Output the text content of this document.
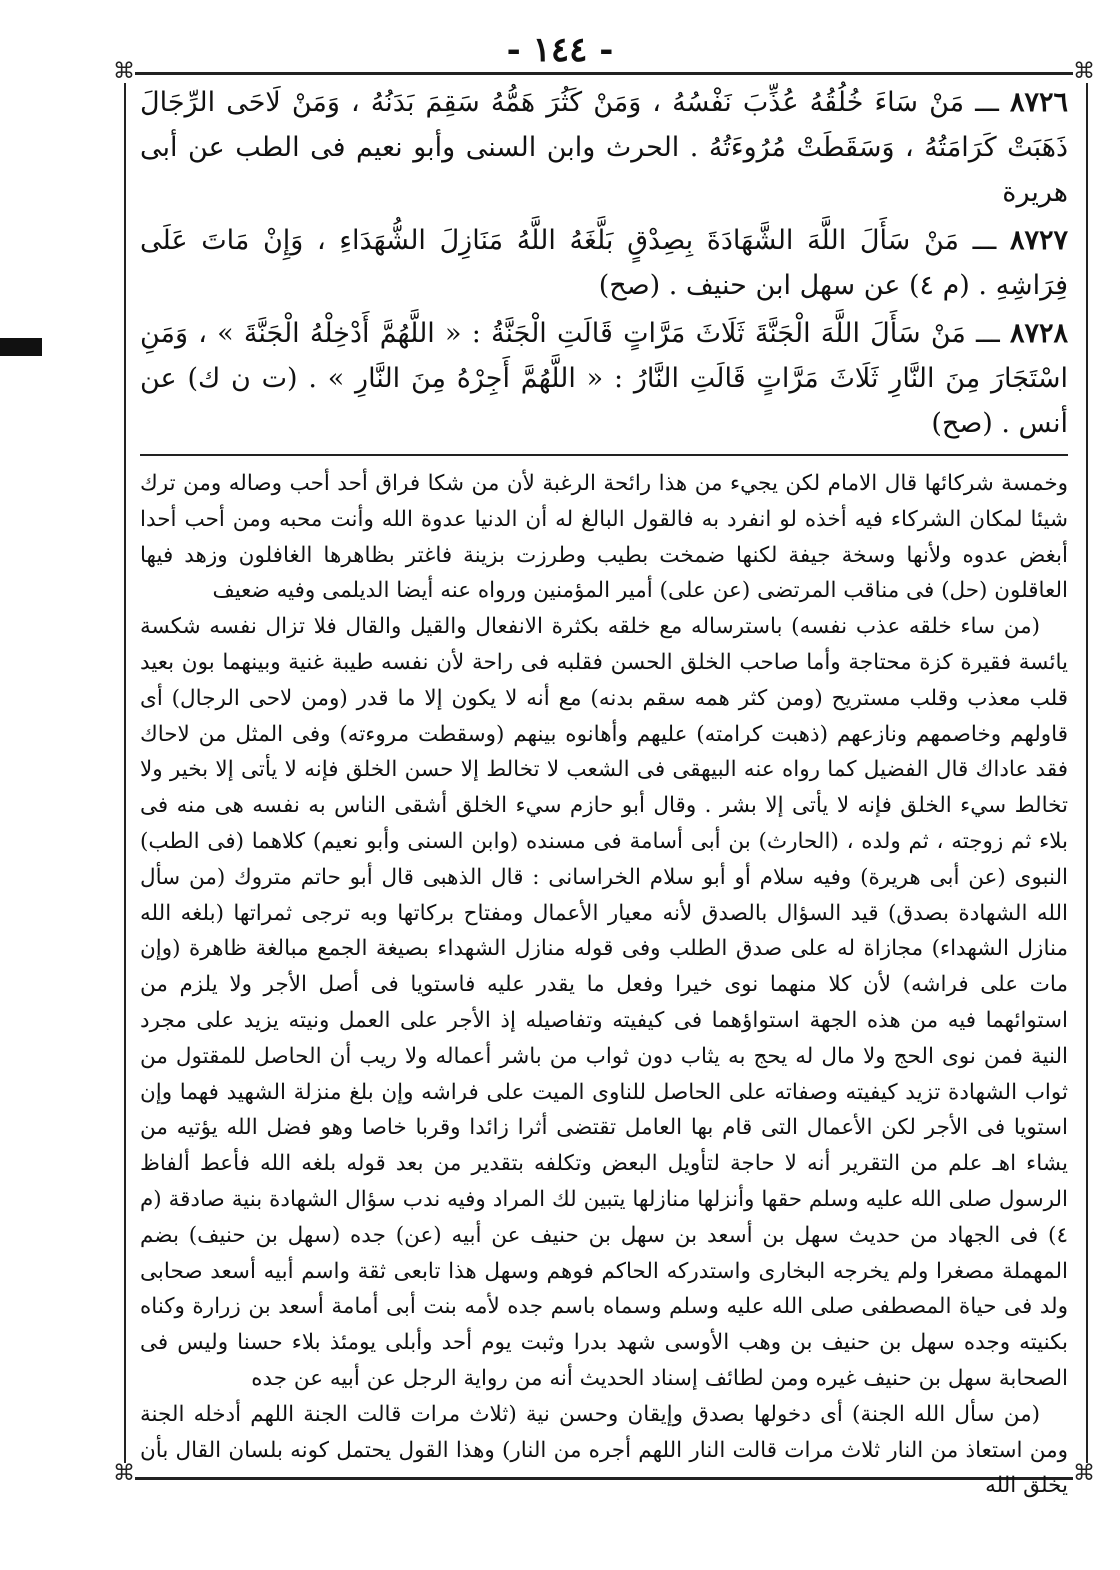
- ١٤٤ -
⌘	⌘
⌘	⌘

٨٧٢٦ ـــ مَنْ سَاءَ خُلُقُهُ عُذِّبَ نَفْسُهُ ، وَمَنْ كَثُرَ هَمُّهُ سَقِمَ بَدَنُهُ ، وَمَنْ لَاحَى الرِّجَالَ ذَهَبَتْ كَرَامَتُهُ ، وَسَقَطَتْ مُرُوءَتُهُ . الحرث وابن السنى وأبو نعيم فى الطب عن أبى هريرة

٨٧٢٧ ـــ مَنْ سَأَلَ اللَّهَ الشَّهَادَةَ بِصِدْقٍ بَلَّغَهُ اللَّهُ مَنَازِلَ الشُّهَدَاءِ ، وَإِنْ مَاتَ عَلَى فِرَاشِهِ . (م ٤) عن سهل ابن حنيف . (صح)

٨٧٢٨ ـــ مَنْ سَأَلَ اللَّهَ الْجَنَّةَ ثَلَاثَ مَرَّاتٍ قَالَتِ الْجَنَّةُ : « اللَّهُمَّ أَدْخِلْهُ الْجَنَّةَ » ، وَمَنِ اسْتَجَارَ مِنَ النَّارِ ثَلَاثَ مَرَّاتٍ قَالَتِ النَّارُ : « اللَّهُمَّ أَجِرْهُ مِنَ النَّارِ » . (ت ن ك) عن أنس . (صح)

وخمسة شركائها قال الامام لكن يجيء من هذا رائحة الرغبة لأن من شكا فراق أحد أحب وصاله ومن ترك شيئا لمكان الشركاء فيه أخذه لو انفرد به فالقول البالغ له أن الدنيا عدوة الله وأنت محبه ومن أحب أحدا أبغض عدوه ولأنها وسخة جيفة لكنها ضمخت بطيب وطرزت بزينة فاغتر بظاهرها الغافلون وزهد فيها العاقلون (حل) فى مناقب المرتضى (عن على) أمير المؤمنين ورواه عنه أيضا الديلمى وفيه ضعيف

(من ساء خلقه عذب نفسه) باسترساله مع خلقه بكثرة الانفعال والقيل والقال فلا تزال نفسه شكسة يائسة فقيرة كزة محتاجة وأما صاحب الخلق الحسن فقلبه فى راحة لأن نفسه طيبة غنية وبينهما بون بعيد قلب معذب وقلب مستريح (ومن كثر همه سقم بدنه) مع أنه لا يكون إلا ما قدر (ومن لاحى الرجال) أى قاولهم وخاصمهم ونازعهم (ذهبت كرامته) عليهم وأهانوه بينهم (وسقطت مروءته) وفى المثل من لاحاك فقد عاداك قال الفضيل كما رواه عنه البيهقى فى الشعب لا تخالط إلا حسن الخلق فإنه لا يأتى إلا بخير ولا تخالط سيء الخلق فإنه لا يأتى إلا بشر . وقال أبو حازم سيء الخلق أشقى الناس به نفسه هى منه فى بلاء ثم زوجته ، ثم ولده ، (الحارث) بن أبى أسامة فى مسنده (وابن السنى وأبو نعيم) كلاهما (فى الطب) النبوى (عن أبى هريرة) وفيه سلام أو أبو سلام الخراسانى : قال الذهبى قال أبو حاتم متروك (من سأل الله الشهادة بصدق) قيد السؤال بالصدق لأنه معيار الأعمال ومفتاح بركاتها وبه ترجى ثمراتها (بلغه الله منازل الشهداء) مجازاة له على صدق الطلب وفى قوله منازل الشهداء بصيغة الجمع مبالغة ظاهرة (وإن مات على فراشه) لأن كلا منهما نوى خيرا وفعل ما يقدر عليه فاستويا فى أصل الأجر ولا يلزم من استوائهما فيه من هذه الجهة استواؤهما فى كيفيته وتفاصيله إذ الأجر على العمل ونيته يزيد على مجرد النية فمن نوى الحج ولا مال له يحج به يثاب دون ثواب من باشر أعماله ولا ريب أن الحاصل للمقتول من ثواب الشهادة تزيد كيفيته وصفاته على الحاصل للناوى الميت على فراشه وإن بلغ منزلة الشهيد فهما وإن استويا فى الأجر لكن الأعمال التى قام بها العامل تقتضى أثرا زائدا وقربا خاصا وهو فضل الله يؤتيه من يشاء اهـ علم من التقرير أنه لا حاجة لتأويل البعض وتكلفه بتقدير من بعد قوله بلغه الله فأعط ألفاظ الرسول صلى الله عليه وسلم حقها وأنزلها منازلها يتبين لك المراد وفيه ندب سؤال الشهادة بنية صادقة (م ٤) فى الجهاد من حديث سهل بن أسعد بن سهل بن حنيف عن أبيه (عن) جده (سهل بن حنيف) بضم المهملة مصغرا ولم يخرجه البخارى واستدركه الحاكم فوهم وسهل هذا تابعى ثقة واسم أبيه أسعد صحابى ولد فى حياة المصطفى صلى الله عليه وسلم وسماه باسم جده لأمه بنت أبى أمامة أسعد بن زرارة وكناه بكنيته وجده سهل بن حنيف بن وهب الأوسى شهد بدرا وثبت يوم أحد وأبلى يومئذ بلاء حسنا وليس فى الصحابة سهل بن حنيف غيره ومن لطائف إسناد الحديث أنه من رواية الرجل عن أبيه عن جده

(من سأل الله الجنة) أى دخولها بصدق وإيقان وحسن نية (ثلاث مرات قالت الجنة اللهم أدخله الجنة ومن استعاذ من النار ثلاث مرات قالت النار اللهم أجره من النار) وهذا القول يحتمل كونه بلسان القال بأن يخلق الله
